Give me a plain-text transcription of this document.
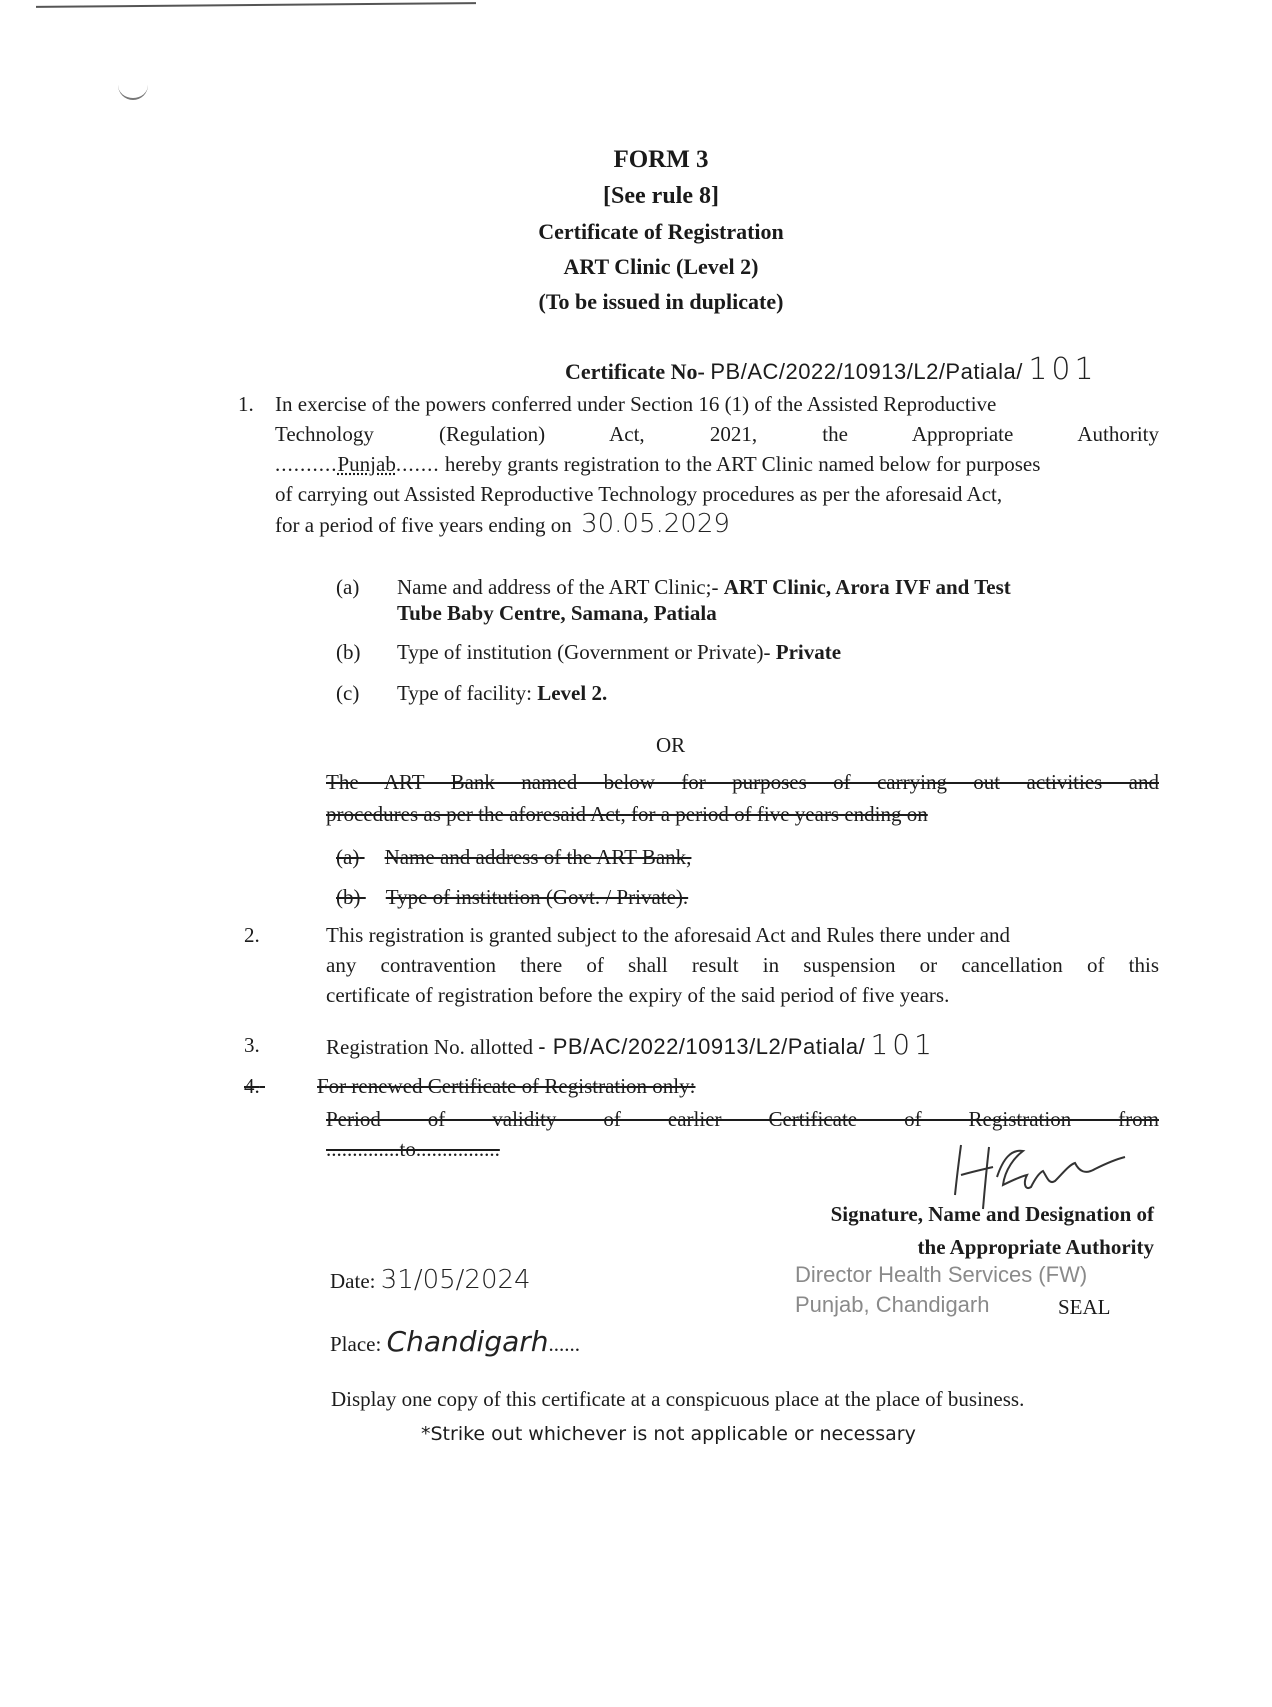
FORM 3
[See rule 8]
Certificate of Registration
ART Clinic (Level 2)
(To be issued in duplicate)
Certificate No- PB/AC/2022/10913/L2/Patiala/ 101
1. In exercise of the powers conferred under Section 16 (1) of the Assisted Reproductive
Technology (Regulation) Act, 2021, the Appropriate Authority
..........Punjab....... hereby grants registration to the ART Clinic named below for purposes
of carrying out Assisted Reproductive Technology procedures as per the aforesaid Act,
for a period of five years ending on 30.05.2029
(a) Name and address of the ART Clinic;- ART Clinic, Arora IVF and Test
Tube Baby Centre, Samana, Patiala
(b) Type of institution (Government or Private)- Private
(c) Type of facility: Level 2.
OR
The ART Bank named below for purposes of carrying out activities and
procedures as per the aforesaid Act, for a period of five years ending on
(a) Name and address of the ART Bank,
(b) Type of institution (Govt. / Private).
2.	This registration is granted subject to the aforesaid Act and Rules there under and
any contravention there of shall result in suspension or cancellation of this
certificate of registration before the expiry of the said period of five years.
3.	Registration No. allotted - PB/AC/2022/10913/L2/Patiala/ 101
4.	For renewed Certificate of Registration only:
Period of validity of earlier Certificate of Registration from
..............to................
Signature, Name and Designation of
the Appropriate Authority
Director Health Services (FW)
Punjab, Chandigarh	SEAL
Date: 31/05/2024
Place: Chandigarh......
Display one copy of this certificate at a conspicuous place at the place of business.
*Strike out whichever is not applicable or necessary
